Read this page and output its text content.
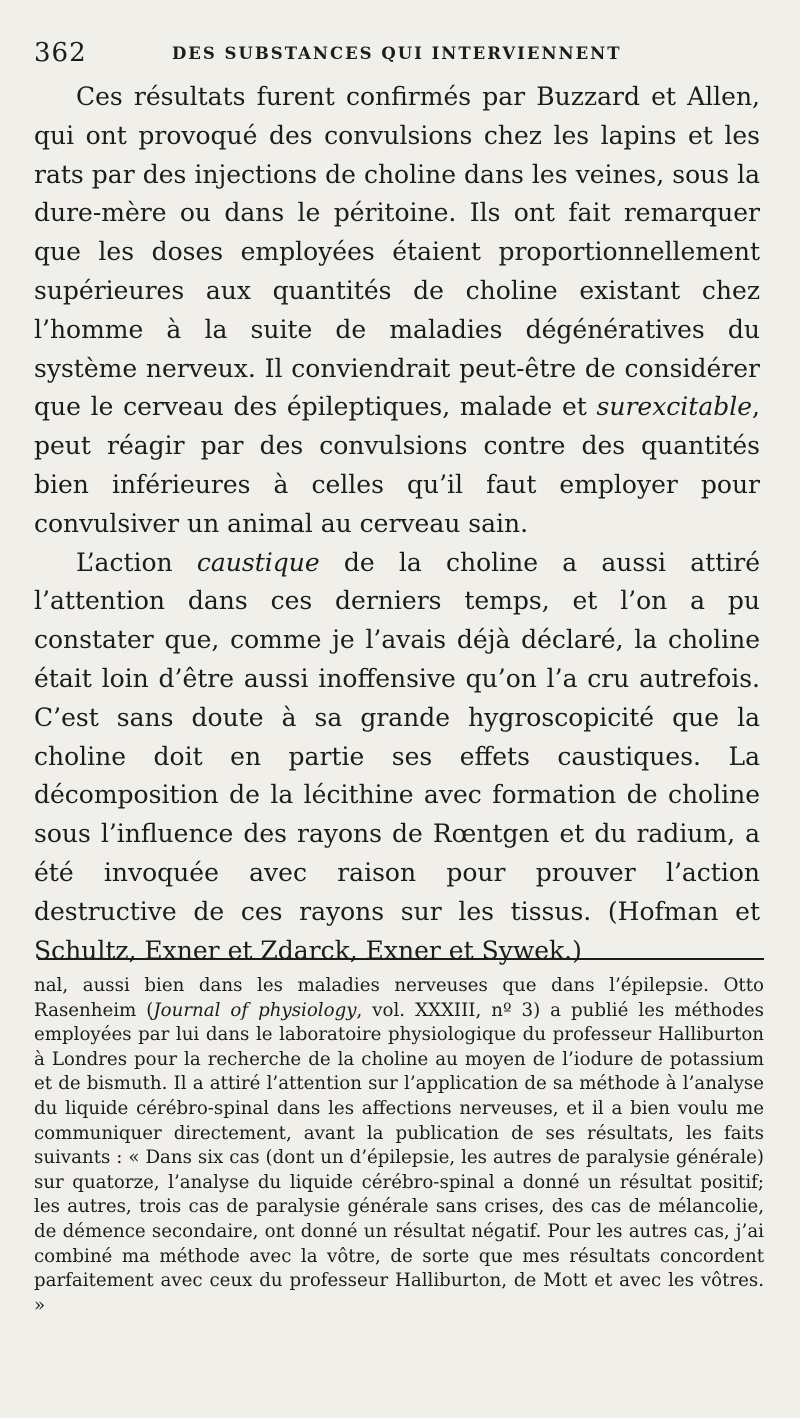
362	DES SUBSTANCES QUI INTERVIENNENT

Ces résultats furent confirmés par Buzzard et Allen, qui ont provoqué des convulsions chez les lapins et les rats par des injections de choline dans les veines, sous la dure-mère ou dans le péritoine. Ils ont fait remarquer que les doses employées étaient proportionnellement supérieures aux quantités de choline existant chez l’homme à la suite de maladies dégénératives du système nerveux. Il conviendrait peut-être de considérer que le cerveau des épileptiques, malade et surexcitable, peut réagir par des convulsions contre des quantités bien inférieures à celles qu’il faut employer pour convulsiver un animal au cerveau sain.

L’action caustique de la choline a aussi attiré l’attention dans ces derniers temps, et l’on a pu constater que, comme je l’avais déjà déclaré, la choline était loin d’être aussi inoffensive qu’on l’a cru autrefois. C’est sans doute à sa grande hygroscopicité que la choline doit en partie ses effets caustiques. La décomposition de la lécithine avec formation de choline sous l’influence des rayons de Rœntgen et du radium, a été invoquée avec raison pour prouver l’action destructive de ces rayons sur les tissus. (Hofman et Schultz, Exner et Zdarck, Exner et Sywek.)

nal, aussi bien dans les maladies nerveuses que dans l’épilepsie. Otto Rasenheim (Journal of physiology, vol. XXXIII, nº 3) a publié les méthodes employées par lui dans le laboratoire physiologique du professeur Halliburton à Londres pour la recherche de la choline au moyen de l’iodure de potassium et de bismuth. Il a attiré l’attention sur l’application de sa méthode à l’analyse du liquide cérébro-spinal dans les affections nerveuses, et il a bien voulu me communiquer directement, avant la publication de ses résultats, les faits suivants : « Dans six cas (dont un d’épilepsie, les autres de paralysie générale) sur quatorze, l’analyse du liquide cérébro-spinal a donné un résultat positif; les autres, trois cas de paralysie générale sans crises, des cas de mélancolie, de démence secondaire, ont donné un résultat négatif. Pour les autres cas, j’ai combiné ma méthode avec la vôtre, de sorte que mes résultats concordent parfaitement avec ceux du professeur Halliburton, de Mott et avec les vôtres. »
